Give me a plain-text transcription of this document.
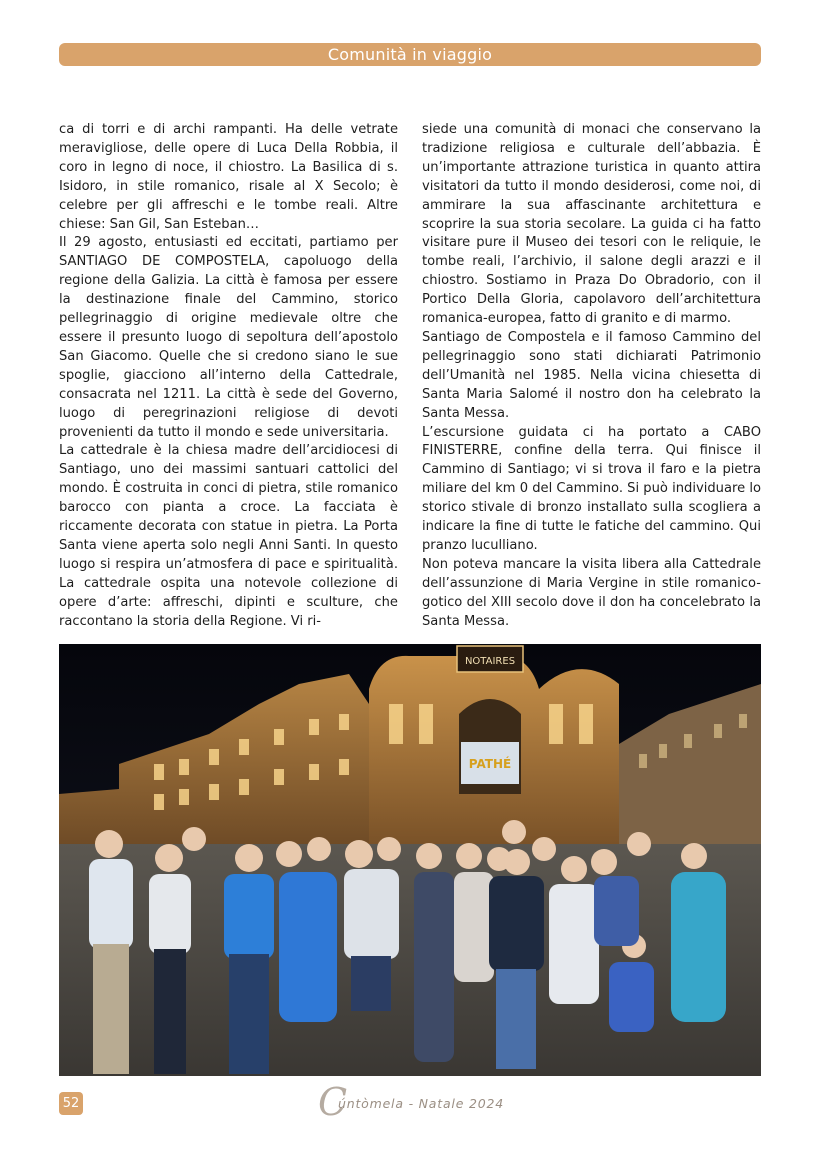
Comunità in viaggio

ca di torri e di archi rampanti. Ha delle vetrate meravigliose, delle opere di Luca Della Robbia, il coro in legno di noce, il chiostro. La Basilica di s. Isidoro, in stile romanico, risale al X Secolo; è celebre per gli affreschi e le tombe reali. Altre chiese: San Gil, San Esteban…

Il 29 agosto, entusiasti ed eccitati, partiamo per SANTIAGO DE COMPOSTELA, capoluogo della regione della Galizia. La città è famosa per essere la destinazione finale del Cammino, storico pellegrinaggio di origine medievale oltre che essere il presunto luogo di sepoltura dell’apostolo San Giacomo. Quelle che si credono siano le sue spoglie, giacciono all’interno della Cattedrale, consacrata nel 1211. La città è sede del Governo, luogo di peregrinazioni religiose di devoti provenienti da tutto il mondo e sede universitaria.

La cattedrale è la chiesa madre dell’arcidiocesi di Santiago, uno dei massimi santuari cattolici del mondo. È costruita in conci di pietra, stile romanico barocco con pianta a croce. La facciata è riccamente decorata con statue in pietra. La Porta Santa viene aperta solo negli Anni Santi. In questo luogo si respira un’atmosfera di pace e spiritualità. La cattedrale ospita una notevole collezione di opere d’arte: affreschi, dipinti e sculture, che raccontano la storia della Regione. Vi ri-

siede una comunità di monaci che conservano la tradizione religiosa e culturale dell’abbazia. È un’importante attrazione turistica in quanto attira visitatori da tutto il mondo desiderosi, come noi, di ammirare la sua affascinante architettura e scoprire la sua storia secolare. La guida ci ha fatto visitare pure il Museo dei tesori con le reliquie, le tombe reali, l’archivio, il salone degli arazzi e il chiostro. Sostiamo in Praza Do Obradorio, con il Portico Della Gloria, capolavoro dell’architettura romanica-europea, fatto di granito e di marmo.

Santiago de Compostela e il famoso Cammino del pellegrinaggio sono stati dichiarati Patrimonio dell’Umanità nel 1985. Nella vicina chiesetta di Santa Maria Salomé il nostro don ha celebrato la Santa Messa.

L’escursione guidata ci ha portato a CABO FINISTERRE, confine della terra. Qui finisce il Cammino di Santiago; vi si trova il faro e la pietra miliare del km 0 del Cammino. Si può individuare lo storico stivale di bronzo installato sulla scogliera a indicare la fine di tutte le fatiche del cammino. Qui pranzo luculliano.

Non poteva mancare la visita libera alla Cattedrale dell’assunzione di Maria Vergine in stile romanico-gotico del XIII secolo dove il don ha concelebrato la Santa Messa.

NOTAIRES
PATHÉ
52	C
úntòmela - Natale 2024
